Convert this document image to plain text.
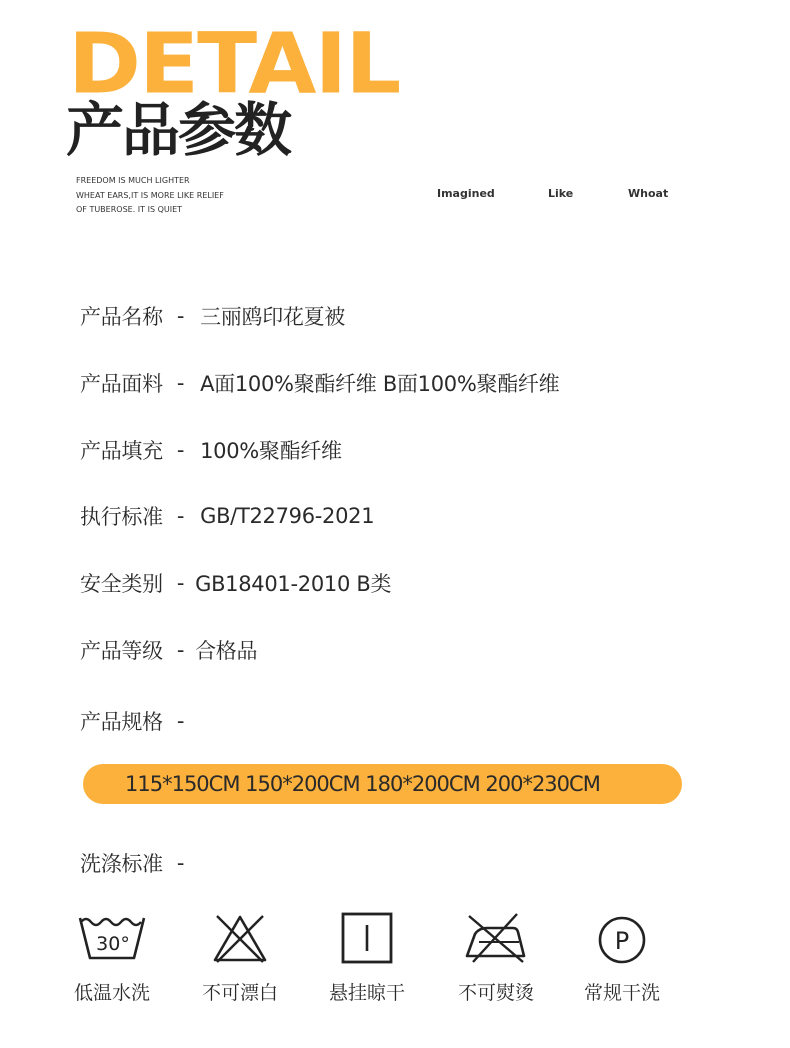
DETAIL
产品参数
FREEDOM IS MUCH LIGHTER
WHEAT EARS,IT IS MORE LIKE RELIEF
OF TUBEROSE. IT IS QUIET
Imagined	Like	Whoat
产品名称 - 三丽鸥印花夏被
产品面料 - A面100%聚酯纤维 B面100%聚酯纤维
产品填充 - 100%聚酯纤维
执行标准 - GB/T22796-2021
安全类别 - GB18401-2010 B类
产品等级 - 合格品
产品规格 -
115*150CM 150*200CM 180*200CM 200*230CM
洗涤标准 -
30°
低温水洗	不可漂白	悬挂晾干	不可熨烫
P
常规干洗
